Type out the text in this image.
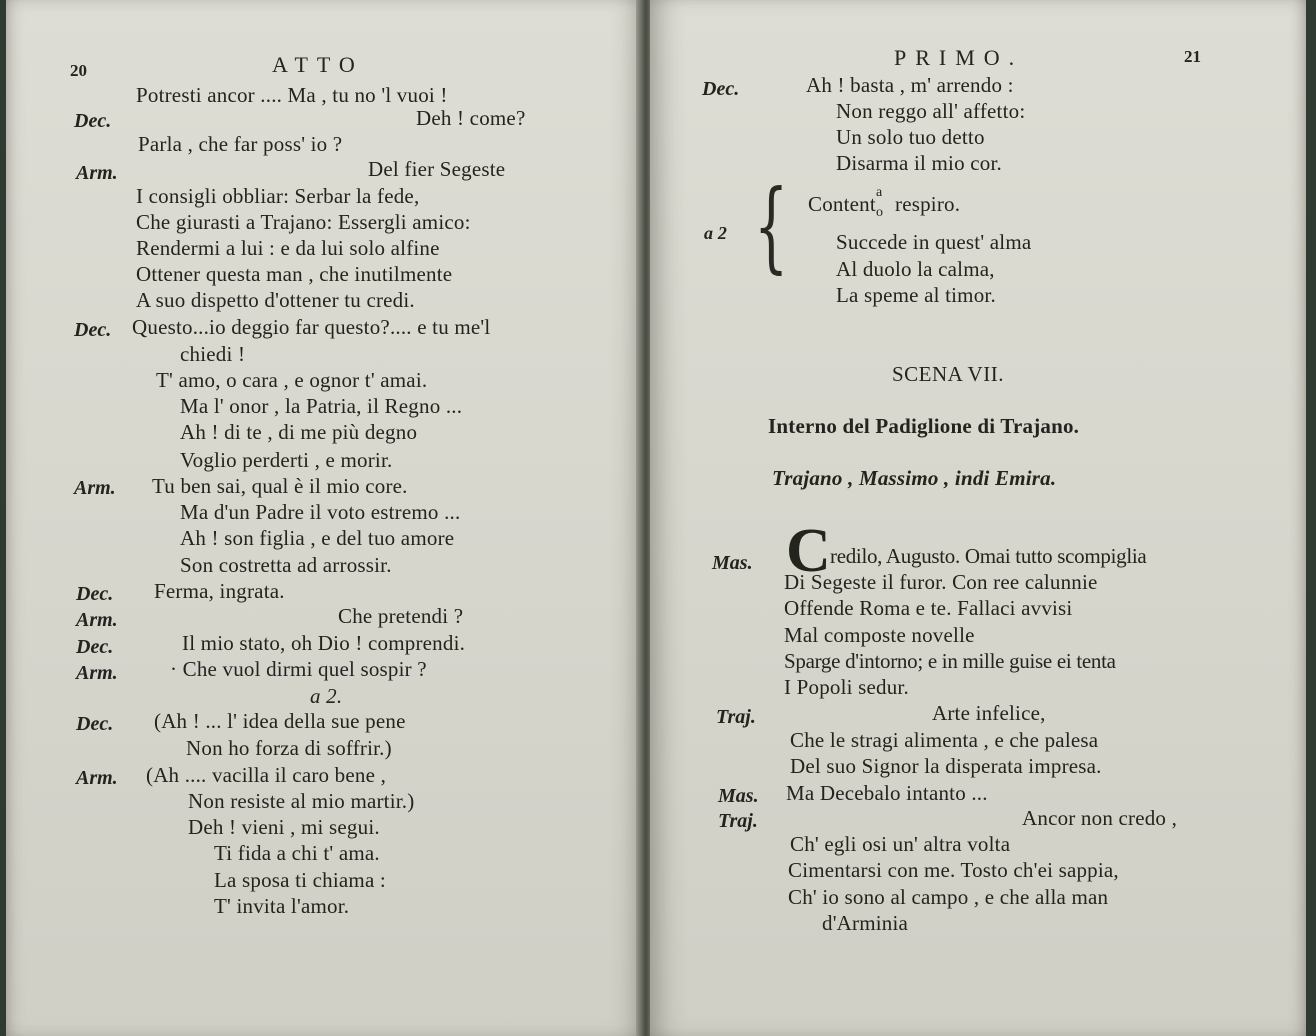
20	ATTO
Potresti ancor .... Ma , tu no 'l vuoi !
Dec.	Deh ! come?
Parla , che far poss' io ?
Arm.	Del fier Segeste
I consigli obbliar: Serbar la fede,
Che giurasti a Trajano: Essergli amico:
Rendermi a lui : e da lui solo alfine
Ottener questa man , che inutilmente
A suo dispetto d'ottener tu credi.
Dec. Questo...io deggio far questo?.... e tu me'l
chiedi !
T' amo, o cara , e ognor t' amai.
Ma l' onor , la Patria, il Regno ...
Ah ! di te , di me più degno
Voglio perderti , e morir.
Arm. Tu ben sai, qual è il mio core.
Ma d'un Padre il voto estremo ...
Ah ! son figlia , e del tuo amore
Son costretta ad arrossir.
Dec. Ferma, ingrata.
Arm.	Che pretendi ?
Dec.	Il mio stato, oh Dio ! comprendi.
Arm. · Che vuol dirmi quel sospir ?
a 2.
Dec. (Ah ! ... l' idea della sue pene
Non ho forza di soffrir.)
Arm. (Ah .... vacilla il caro bene ,
Non resiste al mio martir.)
Deh ! vieni , mi segui.
Ti fida a chi t' ama.
La sposa ti chiama :
T' invita l'amor.
PRIMO.	21
Dec.	Ah ! basta , m' arrendo :
Non reggo all' affetto:
Un solo tuo detto
Disarma il mio cor.
a 2 { Content a
o respiro.
Succede in quest' alma
Al duolo la calma,
La speme al timor.
SCENA VII.
Interno del Padiglione di Trajano.
Trajano , Massimo , indi Emira.
Mas. C redilo, Augusto. Omai tutto scompiglia
Di Segeste il furor. Con ree calunnie
Offende Roma e te. Fallaci avvisi
Mal composte novelle
Sparge d'intorno; e in mille guise ei tenta
I Popoli sedur.
Traj.	Arte infelice,
Che le stragi alimenta , e che palesa
Del suo Signor la disperata impresa.
Mas. Ma Decebalo intanto ...
Traj.	Ancor non credo ,
Ch' egli osi un' altra volta
Cimentarsi con me. Tosto ch'ei sappia,
Ch' io sono al campo , e che alla man
d'Arminia
